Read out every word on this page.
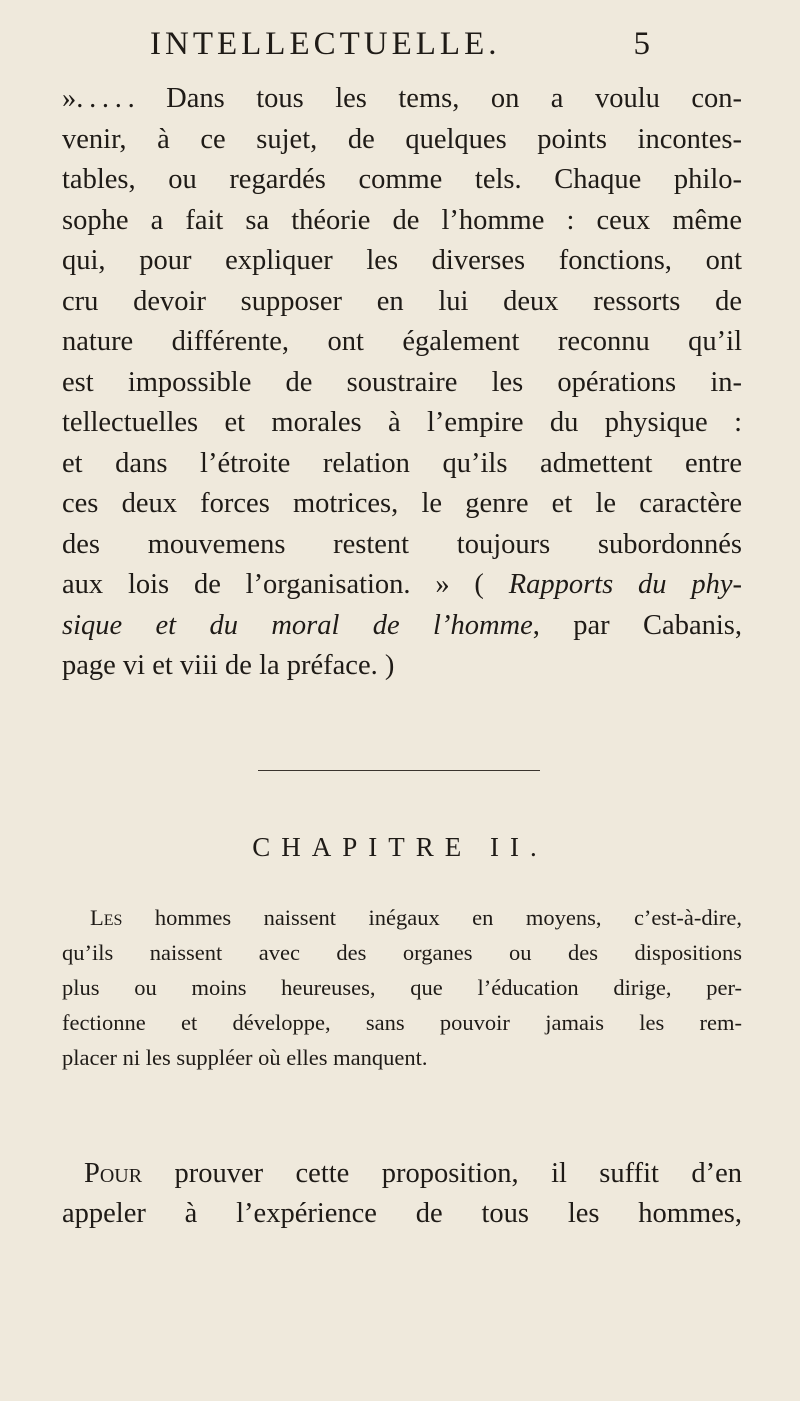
INTELLECTUELLE.	5
». . . . . Dans tous les tems, on a voulu con-
venir, à ce sujet, de quelques points incontes-
tables, ou regardés comme tels. Chaque philo-
sophe a fait sa théorie de l’homme : ceux même
qui, pour expliquer les diverses fonctions, ont
cru devoir supposer en lui deux ressorts de
nature différente, ont également reconnu qu’il
est impossible de soustraire les opérations in-
tellectuelles et morales à l’empire du physique :
et dans l’étroite relation qu’ils admettent entre
ces deux forces motrices, le genre et le caractère
des mouvemens restent toujours subordonnés
aux lois de l’organisation. » ( Rapports du phy-
sique et du moral de l’homme, par Cabanis,
page vi et viii de la préface. )
CHAPITRE II.
Les hommes naissent inégaux en moyens, c’est-à-dire,
qu’ils naissent avec des organes ou des dispositions
plus ou moins heureuses, que l’éducation dirige, per-
fectionne et développe, sans pouvoir jamais les rem-
placer ni les suppléer où elles manquent.
Pour prouver cette proposition, il suffit d’en
appeler à l’expérience de tous les hommes,
